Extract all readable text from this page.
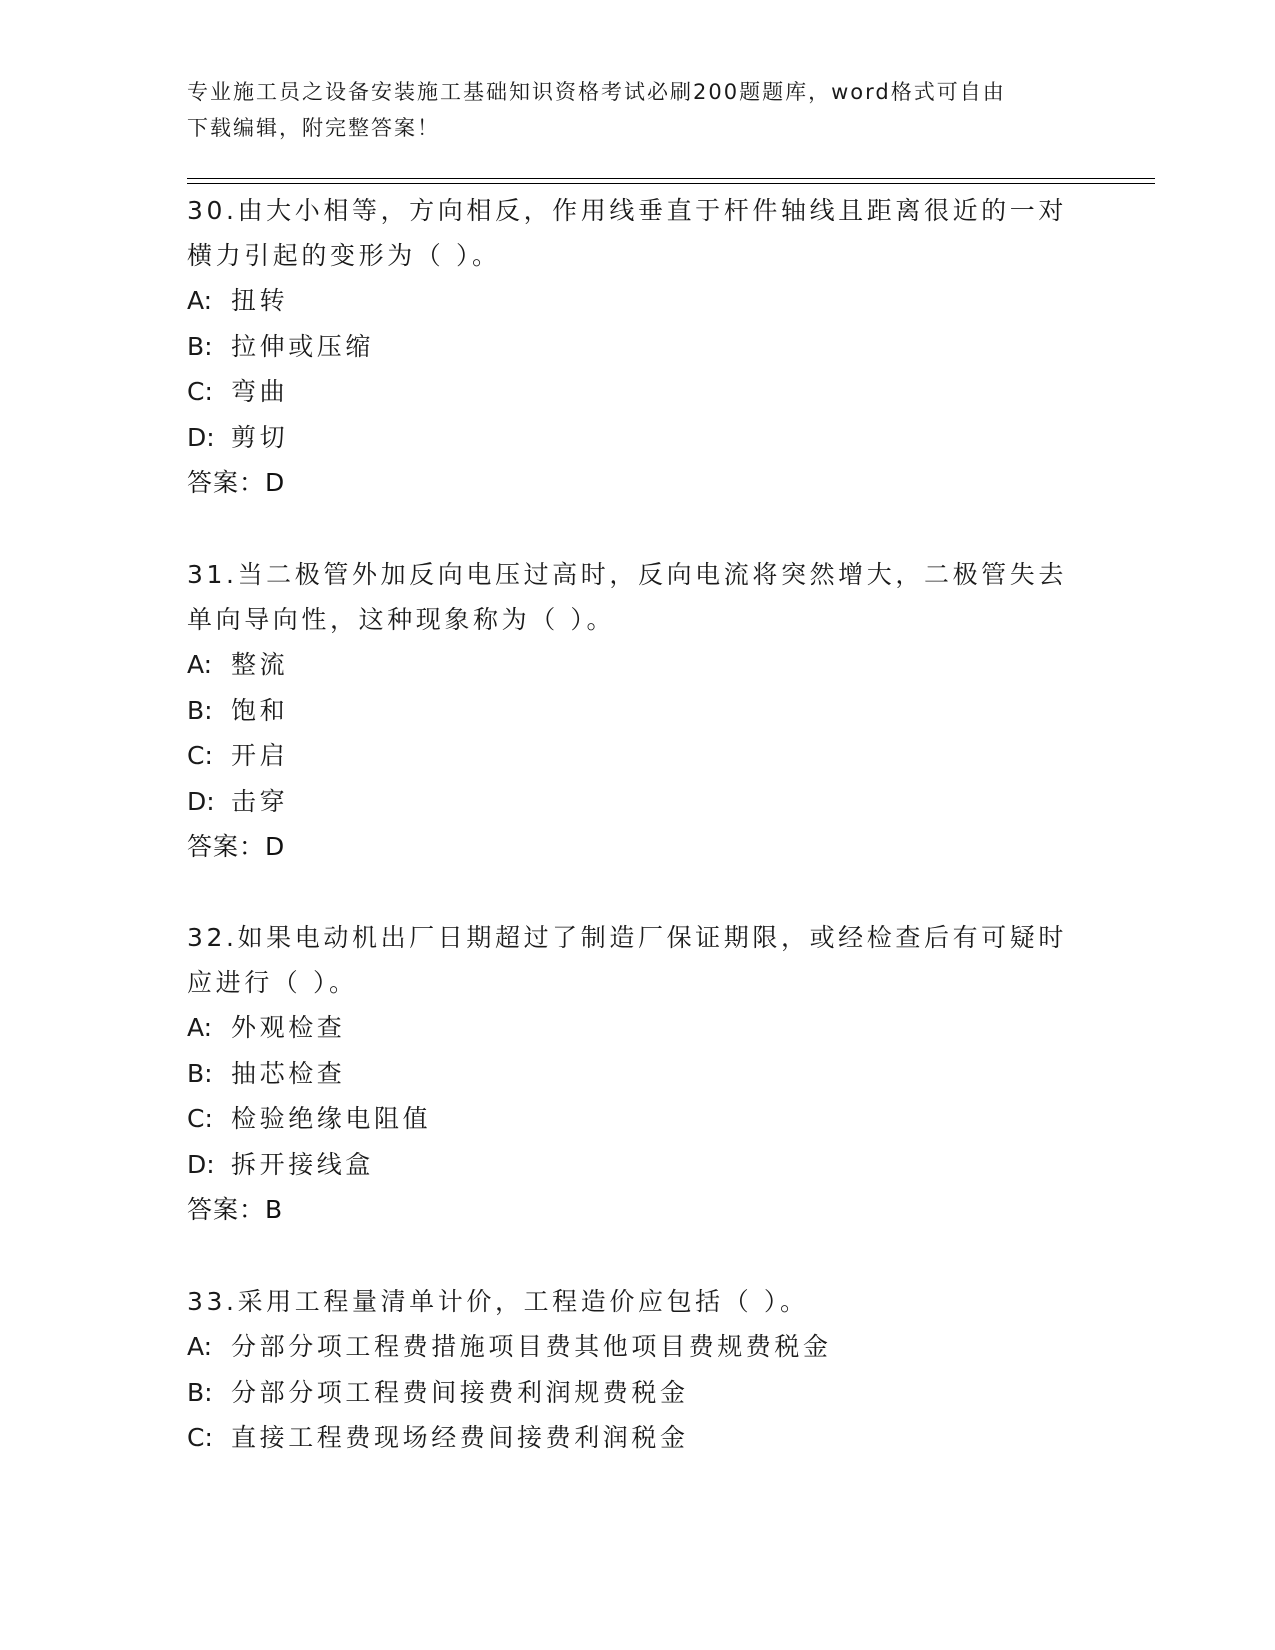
专业施工员之设备安装施工基础知识资格考试必刷200题题库，word格式可自由
下载编辑，附完整答案！
30.由大小相等，方向相反，作用线垂直于杆件轴线且距离很近的一对
横力引起的变形为（ ）。
A: 扭转
B: 拉伸或压缩
C: 弯曲
D: 剪切
答案：D
31.当二极管外加反向电压过高时，反向电流将突然增大，二极管失去
单向导向性，这种现象称为（ ）。
A: 整流
B: 饱和
C: 开启
D: 击穿
答案：D
32.如果电动机出厂日期超过了制造厂保证期限，或经检查后有可疑时
应进行（ ）。
A: 外观检查
B: 抽芯检查
C: 检验绝缘电阻值
D: 拆开接线盒
答案：B
33.采用工程量清单计价，工程造价应包括（ ）。
A: 分部分项工程费措施项目费其他项目费规费税金
B: 分部分项工程费间接费利润规费税金
C: 直接工程费现场经费间接费利润税金
